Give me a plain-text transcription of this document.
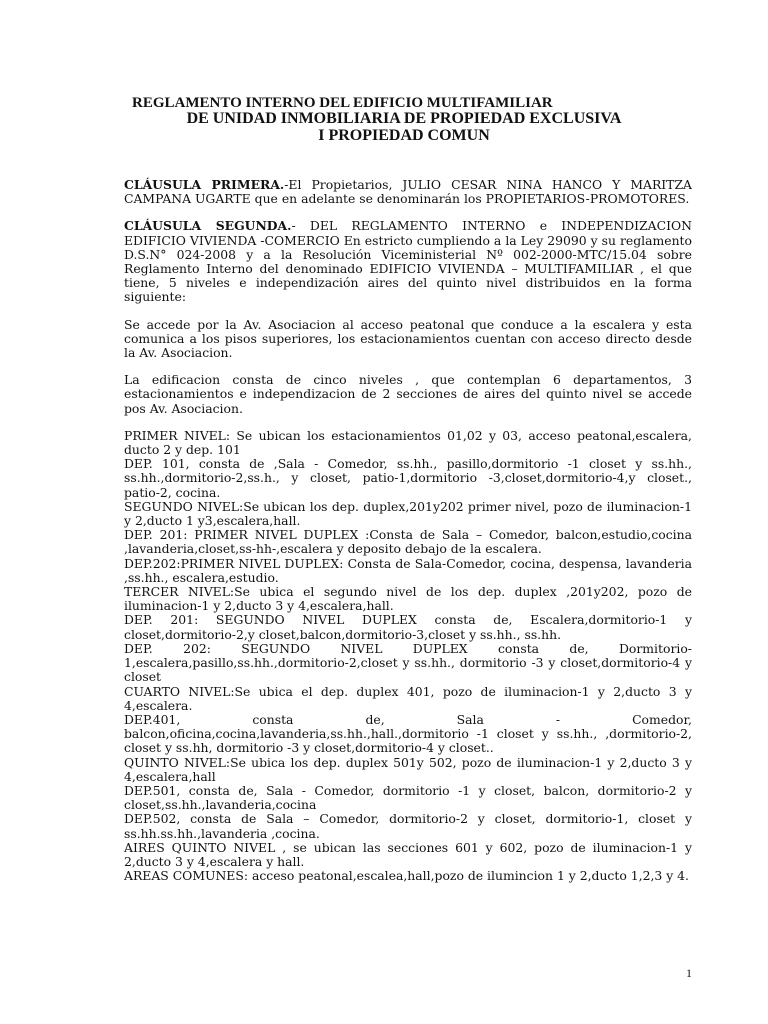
REGLAMENTO INTERNO DEL EDIFICIO MULTIFAMILIAR
DE UNIDAD INMOBILIARIA DE PROPIEDAD EXCLUSIVA
I PROPIEDAD COMUN

CLÁUSULA PRIMERA.-El Propietarios, JULIO CESAR NINA HANCO Y MARITZA CAMPANA UGARTE que en adelante se denominarán los PROPIETARIOS-PROMOTORES.

CLÁUSULA SEGUNDA.- DEL REGLAMENTO INTERNO e INDEPENDIZACION EDIFICIO VIVIENDA -COMERCIO En estricto cumpliendo a la Ley 29090 y su reglamento D.S.N° 024-2008 y a la Resolución Viceministerial Nº 002-2000-MTC/15.04 sobre Reglamento Interno del denominado EDIFICIO VIVIENDA – MULTIFAMILIAR , el que tiene, 5 niveles e independización aires del quinto nivel distribuidos en la forma siguiente:

Se accede por la Av. Asociacion al acceso peatonal que conduce a la escalera y esta comunica a los pisos superiores, los estacionamientos cuentan con acceso directo desde la Av. Asociacion.

La edificacion consta de cinco niveles , que contemplan 6 departamentos, 3 estacionamientos e independizacion de 2 secciones de aires del quinto nivel se accede pos Av. Asociacion.

PRIMER NIVEL: Se ubican los estacionamientos 01,02 y 03, acceso peatonal,escalera, ducto 2 y dep. 101

DEP. 101, consta de ,Sala - Comedor, ss.hh., pasillo,dormitorio -1 closet y ss.hh., ss.hh.,dormitorio-2,ss.h., y closet, patio-1,dormitorio -3,closet,dormitorio-4,y closet., patio-2, cocina.

SEGUNDO NIVEL:Se ubican los dep. duplex,201y202 primer nivel, pozo de iluminacion-1 y 2,ducto 1 y3,escalera,hall.

DEP. 201: PRIMER NIVEL DUPLEX :Consta de Sala – Comedor, balcon,estudio,cocina ,lavanderia,closet,ss-hh-,escalera y deposito debajo de la escalera.

DEP.202:PRIMER NIVEL DUPLEX: Consta de Sala-Comedor, cocina, despensa, lavanderia ,ss.hh., escalera,estudio.

TERCER NIVEL:Se ubica el segundo nivel de los dep. duplex ,201y202, pozo de iluminacion-1 y 2,ducto 3 y 4,escalera,hall.

DEP. 201: SEGUNDO NIVEL DUPLEX consta de, Escalera,dormitorio-1 y closet,dormitorio-2,y closet,balcon,dormitorio-3,closet y ss.hh., ss.hh.

DEP. 202: SEGUNDO NIVEL DUPLEX consta de, Dormitorio-1,escalera,pasillo,ss.hh.,dormitorio-2,closet y ss.hh., dormitorio -3 y closet,dormitorio-4 y closet

CUARTO NIVEL:Se ubica el dep. duplex 401, pozo de iluminacion-1 y 2,ducto 3 y 4,escalera.

DEP.401, consta de, Sala - Comedor, balcon,oficina,cocina,lavanderia,ss.hh.,hall.,dormitorio -1 closet y ss.hh., ,dormitorio-2, closet y ss.hh, dormitorio -3 y closet,dormitorio-4 y closet..

QUINTO NIVEL:Se ubica los dep. duplex 501y 502, pozo de iluminacion-1 y 2,ducto 3 y 4,escalera,hall

DEP.501, consta de, Sala - Comedor, dormitorio -1 y closet, balcon, dormitorio-2 y closet,ss.hh.,lavanderia,cocina

DEP.502, consta de Sala – Comedor, dormitorio-2 y closet, dormitorio-1, closet y ss.hh.ss.hh.,lavanderia ,cocina.

AIRES QUINTO NIVEL , se ubican las secciones 601 y 602, pozo de iluminacion-1 y 2,ducto 3 y 4,escalera y hall.

AREAS COMUNES: acceso peatonal,escalea,hall,pozo de ilumincion 1 y 2,ducto 1,2,3 y 4.

1
